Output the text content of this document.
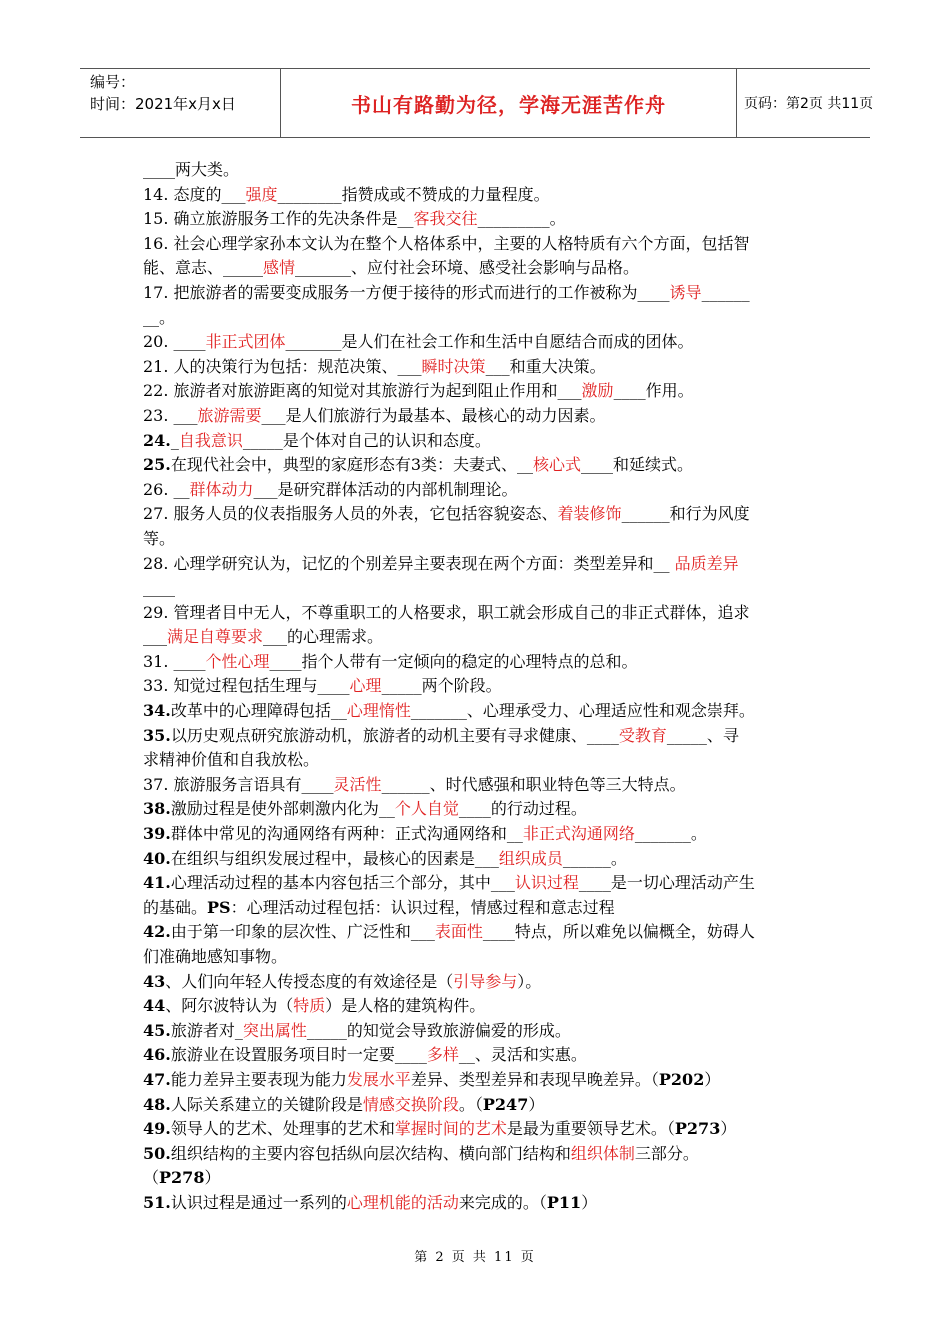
编号：
时间：2021年x月x日	书山有路勤为径，学海无涯苦作舟	页码：第2页 共11页
____两大类。
14. 态度的___强度________指赞成或不赞成的力量程度。
15. 确立旅游服务工作的先决条件是__客我交往_________。
16. 社会心理学家孙本文认为在整个人格体系中，主要的人格特质有六个方面，包括智
能、意志、_____感情_______、应付社会环境、感受社会影响与品格。
17. 把旅游者的需要变成服务一方便于接待的形式而进行的工作被称为____诱导______
__。
20. ____非正式团体_______是人们在社会工作和生活中自愿结合而成的团体。
21. 人的决策行为包括：规范决策、___瞬时决策___和重大决策。
22. 旅游者对旅游距离的知觉对其旅游行为起到阻止作用和___激励____作用。
23. ___旅游需要___是人们旅游行为最基本、最核心的动力因素。
24._自我意识_____是个体对自己的认识和态度。
25.在现代社会中，典型的家庭形态有3类：夫妻式、__核心式____和延续式。
26. __群体动力___是研究群体活动的内部机制理论。
27. 服务人员的仪表指服务人员的外表，它包括容貌姿态、着装修饰______和行为风度
等。
28. 心理学研究认为，记忆的个别差异主要表现在两个方面：类型差异和__ 品质差异
____
29. 管理者目中无人，不尊重职工的人格要求，职工就会形成自己的非正式群体，追求
___满足自尊要求___的心理需求。
31. ____个性心理____指个人带有一定倾向的稳定的心理特点的总和。
33. 知觉过程包括生理与____心理_____两个阶段。
34.改革中的心理障碍包括__心理惰性_______、心理承受力、心理适应性和观念崇拜。
35.以历史观点研究旅游动机，旅游者的动机主要有寻求健康、____受教育_____、寻
求精神价值和自我放松。
37. 旅游服务言语具有____灵活性______、时代感强和职业特色等三大特点。
38.激励过程是使外部刺激内化为__个人自觉____的行动过程。
39.群体中常见的沟通网络有两种：正式沟通网络和__非正式沟通网络_______。
40.在组织与组织发展过程中，最核心的因素是___组织成员______。
41.心理活动过程的基本内容包括三个部分，其中___认识过程____是一切心理活动产生
的基础。PS：心理活动过程包括：认识过程，情感过程和意志过程
42.由于第一印象的层次性、广泛性和___表面性____特点，所以难免以偏概全，妨碍人
们准确地感知事物。
43、人们向年轻人传授态度的有效途径是（引导参与）。
44、阿尔波特认为（特质）是人格的建筑构件。
45.旅游者对_突出属性_____的知觉会导致旅游偏爱的形成。
46.旅游业在设置服务项目时一定要____多样__、灵活和实惠。
47.能力差异主要表现为能力发展水平差异、类型差异和表现早晚差异。（P202）
48.人际关系建立的关键阶段是情感交换阶段。（P247）
49.领导人的艺术、处理事的艺术和掌握时间的艺术是最为重要领导艺术。（P273）
50.组织结构的主要内容包括纵向层次结构、横向部门结构和组织体制三部分。
（P278）
51.认识过程是通过一系列的心理机能的活动来完成的。（P11）
第 2 页 共 11 页
